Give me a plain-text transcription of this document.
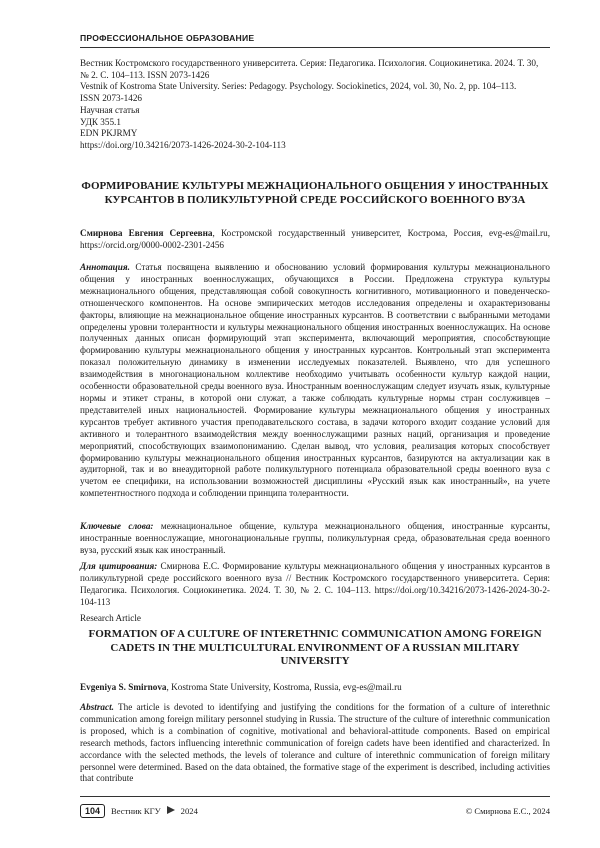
ПРОФЕССИОНАЛЬНОЕ ОБРАЗОВАНИЕ
Вестник Костромского государственного университета. Серия: Педагогика. Психология. Социокинетика. 2024. Т. 30,
№ 2. С. 104–113. ISSN 2073-1426
Vestnik of Kostroma State University. Series: Pedagogy. Psychology. Sociokinetics, 2024, vol. 30, No. 2, pp. 104–113.
ISSN 2073-1426
Научная статья
УДК 355.1
EDN PKJRMY
https://doi.org/10.34216/2073-1426-2024-30-2-104-113
ФОРМИРОВАНИЕ КУЛЬТУРЫ МЕЖНАЦИОНАЛЬНОГО ОБЩЕНИЯ У ИНОСТРАННЫХ КУРСАНТОВ В ПОЛИКУЛЬТУРНОЙ СРЕДЕ РОССИЙСКОГО ВОЕННОГО ВУЗА
Смирнова Евгения Сергеевна, Костромской государственный университет, Кострома, Россия, evg-es@mail.ru, https://orcid.org/0000-0002-2301-2456
Аннотация. Статья посвящена выявлению и обоснованию условий формирования культуры межнационального общения у иностранных военнослужащих, обучающихся в России. Предложена структура культуры межнационального общения, представляющая собой совокупность когнитивного, мотивационного и поведенческо-отношенческого компонентов. На основе эмпирических методов исследования определены и охарактеризованы факторы, влияющие на межнациональное общение иностранных курсантов. В соответствии с выбранными методами определены уровни толерантности и культуры межнационального общения иностранных военнослужащих. На основе полученных данных описан формирующий этап эксперимента, включающий мероприятия, способствующие формированию культуры межнационального общения у иностранных курсантов. Контрольный этап эксперимента показал положительную динамику в изменении исследуемых показателей. Выявлено, что для успешного взаимодействия в многонациональном коллективе необходимо учитывать особенности культур каждой нации, особенности образовательной среды военного вуза. Иностранным военнослужащим следует изучать язык, культурные нормы и этикет страны, в которой они служат, а также соблюдать культурные нормы стран сослуживцев – представителей иных национальностей. Формирование культуры межнационального общения у иностранных курсантов требует активного участия преподавательского состава, в задачи которого входит создание условий для активного и толерантного взаимодействия между военнослужащими разных наций, организация и проведение мероприятий, способствующих взаимопониманию. Сделан вывод, что условия, реализация которых способствует формированию культуры межнационального общения иностранных курсантов, базируются на актуализации как в аудиторной, так и во внеаудиторной работе поликультурного потенциала образовательной среды военного вуза с учетом ее специфики, на использовании возможностей дисциплины «Русский язык как иностранный», на учете компетентностного подхода и соблюдении принципа толерантности.
Ключевые слова: межнациональное общение, культура межнационального общения, иностранные курсанты, иностранные военнослужащие, многонациональные группы, поликультурная среда, образовательная среда военного вуза, русский язык как иностранный.
Для цитирования: Смирнова Е.С. Формирование культуры межнационального общения у иностранных курсантов в поликультурной среде российского военного вуза // Вестник Костромского государственного университета. Серия: Педагогика. Психология. Социокинетика. 2024. Т. 30, № 2. С. 104–113. https://doi.org/10.34216/2073-1426-2024-30-2-104-113
Research Article
FORMATION OF A CULTURE OF INTERETHNIC COMMUNICATION AMONG FOREIGN CADETS IN THE MULTICULTURAL ENVIRONMENT OF A RUSSIAN MILITARY UNIVERSITY
Evgeniya S. Smirnova, Kostroma State University, Kostroma, Russia, evg-es@mail.ru
Abstract. The article is devoted to identifying and justifying the conditions for the formation of a culture of interethnic communication among foreign military personnel studying in Russia. The structure of the culture of interethnic communication is proposed, which is a combination of cognitive, motivational and behavioral-attitude components. Based on empirical research methods, factors influencing interethnic communication of foreign cadets have been identified and characterized. In accordance with the selected methods, the levels of tolerance and culture of interethnic communication of foreign military personnel were determined. Based on the data obtained, the formative stage of the experiment is described, including activities that contribute
104	Вестник КГУ 2024	© Смирнова Е.С., 2024
